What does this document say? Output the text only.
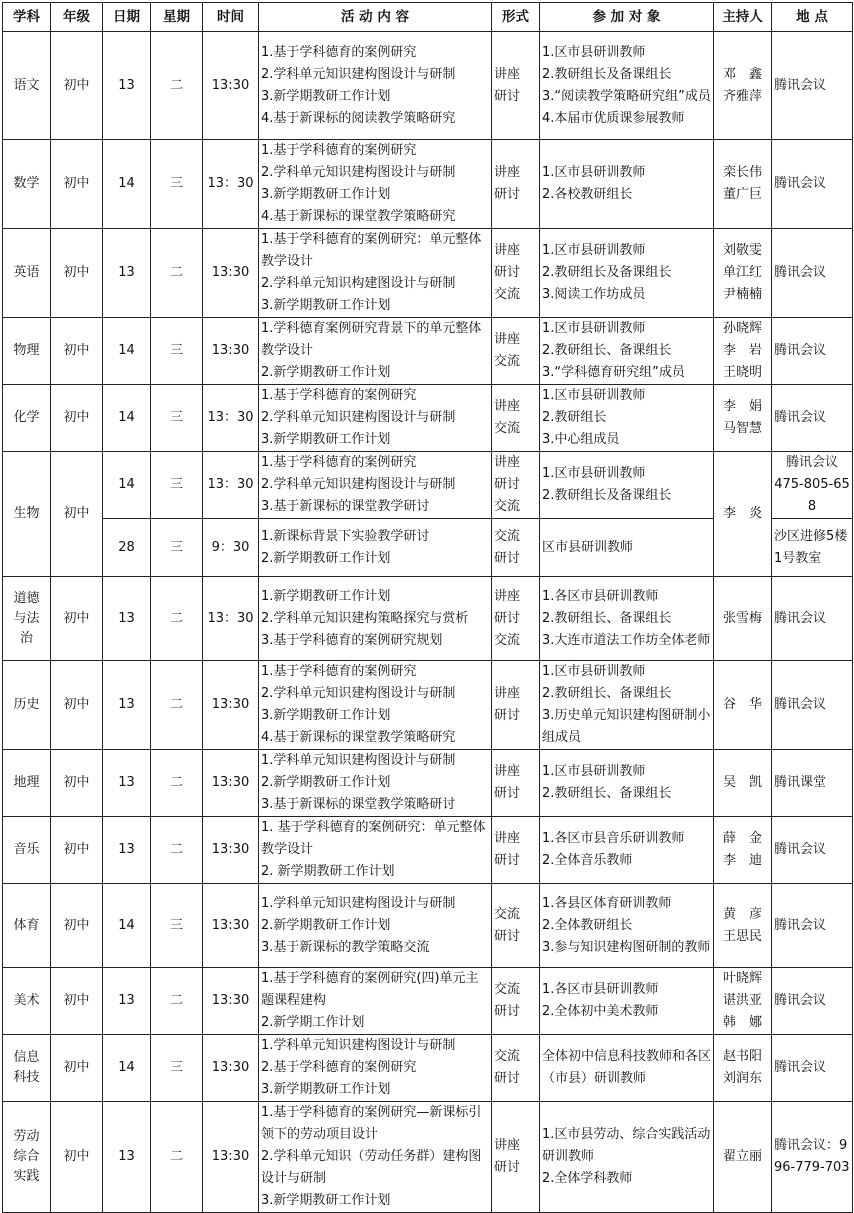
学科	年级	日期	星期	时间	活 动 内 容	形式	参 加 对 象	主持人	地 点
语文	初中	13	二	13:30	1.基于学科德育的案例研究
2.学科单元知识建构图设计与研制
3.新学期教研工作计划
4.基于新课标的阅读教学策略研究	讲座
研讨	1.区市县研训教师
2.教研组长及备课组长
3.“阅读教学策略研究组”成员
4.本届市优质课参展教师	邓　鑫
齐雅萍	腾讯会议

数学	初中	14	三	13：30	1.基于学科德育的案例研究
2.学科单元知识建构图设计与研制
3.新学期教研工作计划
4.基于新课标的课堂教学策略研究	讲座
研讨	1.区市县研训教师
2.各校教研组长	栾长伟
董广巨	腾讯会议

英语	初中	13	二	13:30	1.基于学科德育的案例研究：单元整体教学设计
2.学科单元知识构建图设计与研制
3.新学期教研工作计划	讲座
研讨
交流	1.区市县研训教师
2.教研组长及备课组长
3.阅读工作坊成员	刘敬雯
单江红
尹楠楠	腾讯会议

物理	初中	14	三	13:30	1.学科德育案例研究背景下的单元整体教学设计
2.新学期教研工作计划	讲座
交流	1.区市县研训教师
2.教研组长、备课组长
3.“学科德育研究组”成员	孙晓辉
李　岩
王晓明	腾讯会议

化学	初中	14	三	13：30	1.基于学科德育的案例研究
2.学科单元知识建构图设计与研制
3.新学期教研工作计划	讲座
交流	1.区市县研训教师
2.教研组长
3.中心组成员	李　娟
马智慧	腾讯会议

生物	初中	14	三	13：30	1.基于学科德育的案例研究
2.学科单元知识建构图设计与研制
3.基于新课标的课堂教学研讨	讲座
研讨
交流	1.区市县研训教师
2.教研组长及备课组长	李　炎	腾讯会议
475-805-658

		28	三	9：30	1.新课标背景下实验教学研讨
2.新学期教研工作计划	交流
研讨	区市县研训教师		沙区进修5楼1号教室

道德与法治	初中	13	二	13：30	1.新学期教研工作计划
2.学科单元知识建构策略探究与赏析
3.基于学科德育的案例研究规划	讲座
研讨
交流	1.各区市县研训教师
2.教研组长、备课组长
3.大连市道法工作坊全体老师	张雪梅	腾讯会议

历史	初中	13	二	13:30	1.基于学科德育的案例研究
2.学科单元知识建构图设计与研制
3.新学期教研工作计划
4.基于新课标的课堂教学策略研究	讲座
研讨	1.区市县研训教师
2.教研组长、备课组长
3.历史单元知识建构图研制小组成员	谷　华	腾讯会议

地理	初中	13	二	13:30	1.学科单元知识建构图设计与研制
2.新学期教研工作计划
3.基于新课标的课堂教学策略研讨	讲座
研讨	1.区市县研训教师
2.教研组长、备课组长	吴　凯	腾讯课堂

音乐	初中	13	二	13:30	1. 基于学科德育的案例研究：单元整体教学设计
2. 新学期教研工作计划	讲座
研讨	1.各区市县音乐研训教师
2.全体音乐教师	薛　金
李　迪	腾讯会议

体育	初中	14	三	13:30	1.学科单元知识建构图设计与研制
2.新学期教研工作计划
3.基于新课标的教学策略交流	交流
研讨	1.各县区体育研训教师
2.全体教研组长
3.参与知识建构图研制的教师	黄　彦
王思民	腾讯会议

美术	初中	13	二	13:30	1.基于学科德育的案例研究(四)单元主题课程建构
2.新学期工作计划	交流
研讨	1.各区市县研训教师
2.全体初中美术教师	叶晓辉
谌洪亚
韩　娜	腾讯会议

信息科技	初中	14	三	13:30	1.学科单元知识建构图设计与研制
2.基于学科德育的案例研究
3.新学期教研工作计划	交流
研讨	全体初中信息科技教师和各区（市县）研训教师	赵书阳
刘润东	腾讯会议

劳动综合实践	初中	13	二	13:30	1.基于学科德育的案例研究—新课标引领下的劳动项目设计
2.学科单元知识（劳动任务群）建构图设计与研制
3.新学期教研工作计划	讲座
研讨	1.区市县劳动、综合实践活动研训教师
2.全体学科教师	翟立丽	腾讯会议：996-779-703
